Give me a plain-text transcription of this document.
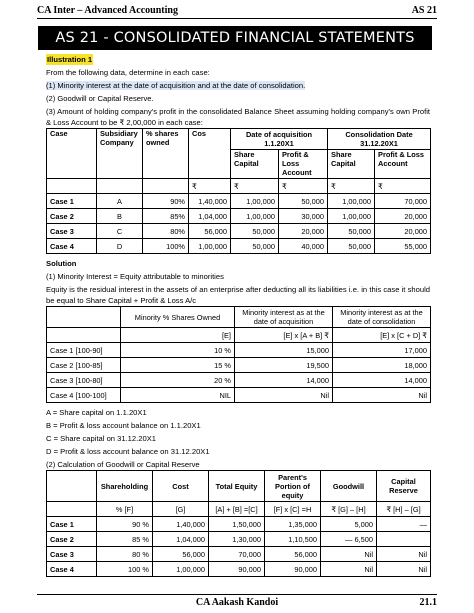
CA Inter – Advanced Accounting	AS 21
AS 21 - CONSOLIDATED FINANCIAL STATEMENTS
Illustration 1
From the following data, determine in each case:
(1) Minority interest at the date of acquisition and at the date of consolidation.
(2) Goodwill or Capital Reserve.
(3) Amount of holding company's profit in the consolidated Balance Sheet assuming holding company's own Profit & Loss Account to be ₹ 2,00,000 in each case:
Case	Subsidiary Company	% shares owned	Cos	Date of acquisition 1.1.20X1		Consolidation Date 31.12.20X1	
				Share Capital	Profit & Loss Account	Share Capital	Profit & Loss Account
			₹	₹	₹	₹	₹
Case 1	A	90%	1,40,000	1,00,000	50,000	1,00,000	70,000
Case 2	B	85%	1,04,000	1,00,000	30,000	1,00,000	20,000
Case 3	C	80%	56,000	50,000	20,000	50,000	20,000
Case 4	D	100%	1,00,000	50,000	40,000	50,000	55,000
Solution
(1) Minority Interest = Equity attributable to minorities
Equity is the residual interest in the assets of an enterprise after deducting all its liabilities i.e. in this case it should be equal to Share Capital + Profit & Loss A/c
	Minority % Shares Owned	Minority interest as at the date of acquisition	Minority interest as at the date of consolidation
	[E]	[E] x [A + B] ₹	[E] x [C + D] ₹
Case 1 [100-90]	10 %	15,000	17,000
Case 2 [100-85]	15 %	19,500	18,000
Case 3 [100-80]	20 %	14,000	14,000
Case 4 [100-100]	NIL	Nil	Nil
A = Share capital on 1.1.20X1
B = Profit & loss account balance on 1.1.20X1
C = Share capital on 31.12.20X1
D = Profit & loss account balance on 31.12.20X1
(2) Calculation of Goodwill or Capital Reserve
	Shareholding	Cost	Total Equity	Parent's Portion of equity	Goodwill	Capital Reserve
	% [F]	[G]	[A] + [B] =[C]	[F] x [C] =H	₹ [G] – [H]	₹ [H] – [G]
Case 1	90 %	1,40,000	1,50,000	1,35,000	5,000	—
Case 2	85 %	1,04,000	1,30,000	1,10,500	— 6,500	
Case 3	80 %	56,000	70,000	56,000	Nil	Nil
Case 4	100 %	1,00,000	90,000	90,000	Nil	Nil
CA Aakash Kandoi	21.1
